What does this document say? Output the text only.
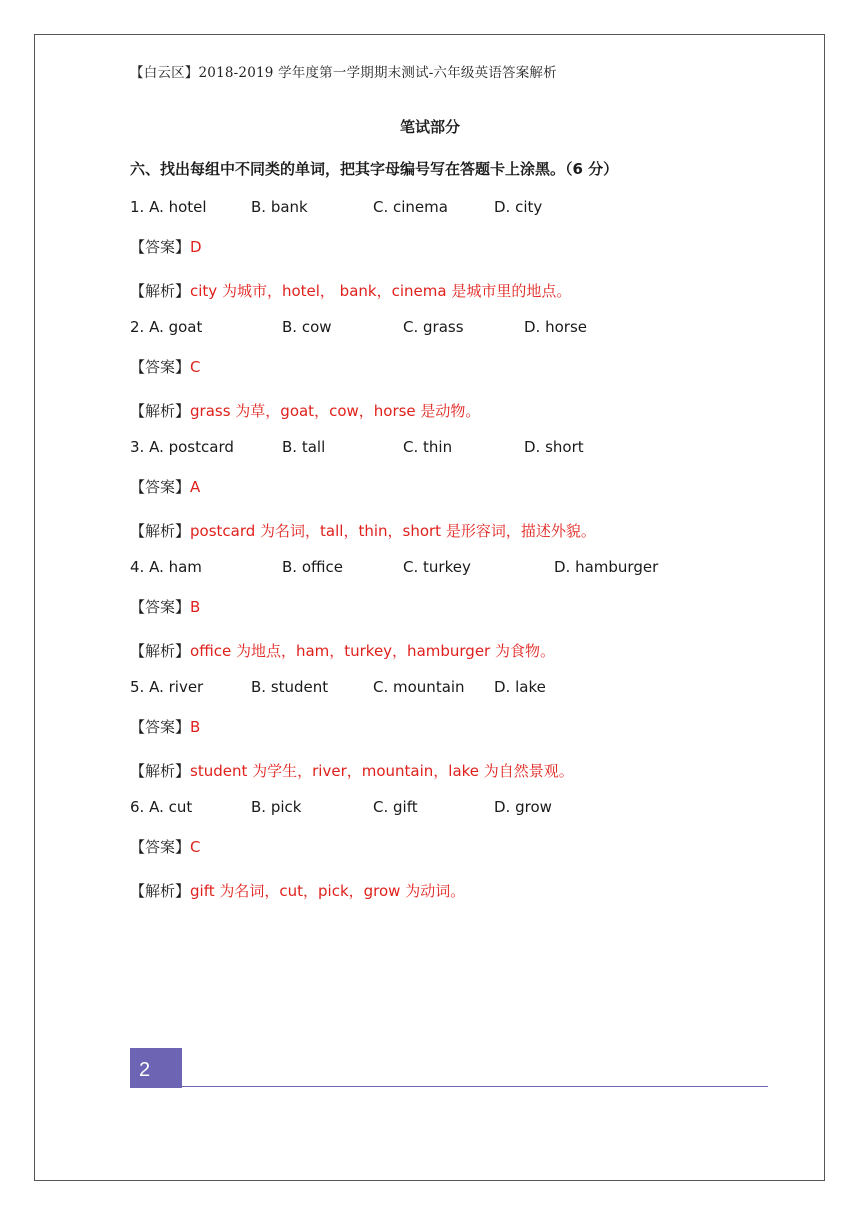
【白云区】2018-2019 学年度第一学期期末测试-六年级英语答案解析
笔试部分
六、找出每组中不同类的单词，把其字母编号写在答题卡上涂黑。（6 分）
1. A. hotel	B. bank	C. cinema	D. city
【答案】D
【解析】city 为城市，hotel， bank，cinema 是城市里的地点。
2. A. goat	B. cow	C. grass	D. horse
【答案】C
【解析】grass 为草，goat，cow，horse 是动物。
3. A. postcard	B. tall	C. thin	D. short
【答案】A
【解析】postcard 为名词，tall，thin，short 是形容词，描述外貌。
4. A. ham	B. office	C. turkey	D. hamburger
【答案】B
【解析】office 为地点，ham，turkey，hamburger 为食物。
5. A. river	B. student	C. mountain D. lake
【答案】B
【解析】student 为学生，river，mountain，lake 为自然景观。
6. A. cut	B. pick	C. gift	D. grow
【答案】C
【解析】gift 为名词，cut，pick，grow 为动词。
2
